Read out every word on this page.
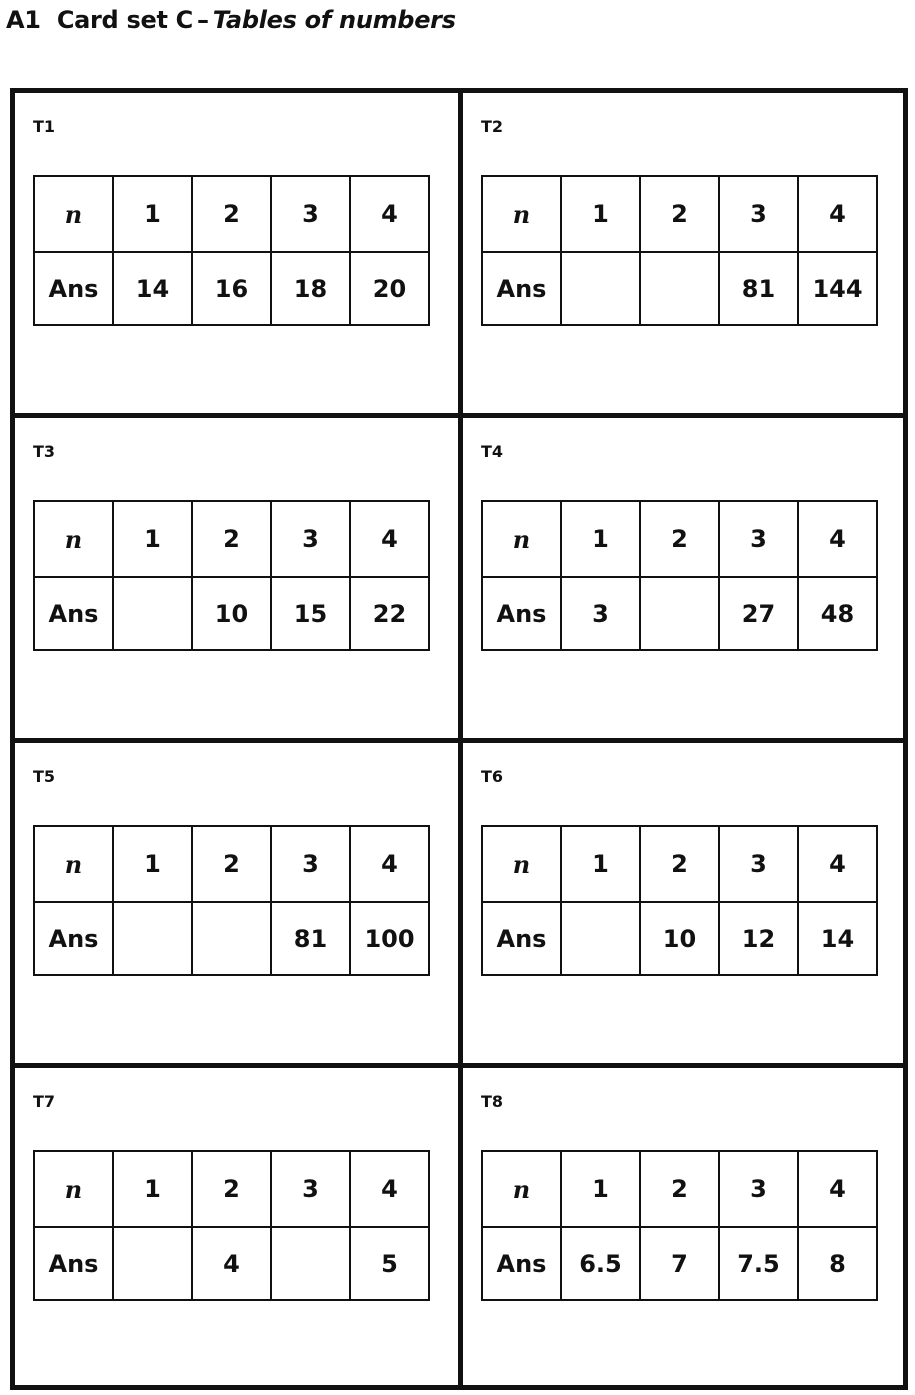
A1 Card set C – Tables of numbers
T1
n	1	2	3	4
Ans	14	16	18	20
T2
n	1	2	3	4
Ans			81	144
T3
n	1	2	3	4
Ans		10	15	22
T4
n	1	2	3	4
Ans	3		27	48
T5
n	1	2	3	4
Ans			81	100
T6
n	1	2	3	4
Ans		10	12	14
T7
n	1	2	3	4
Ans		4		5
T8
n	1	2	3	4
Ans	6.5	7	7.5	8
